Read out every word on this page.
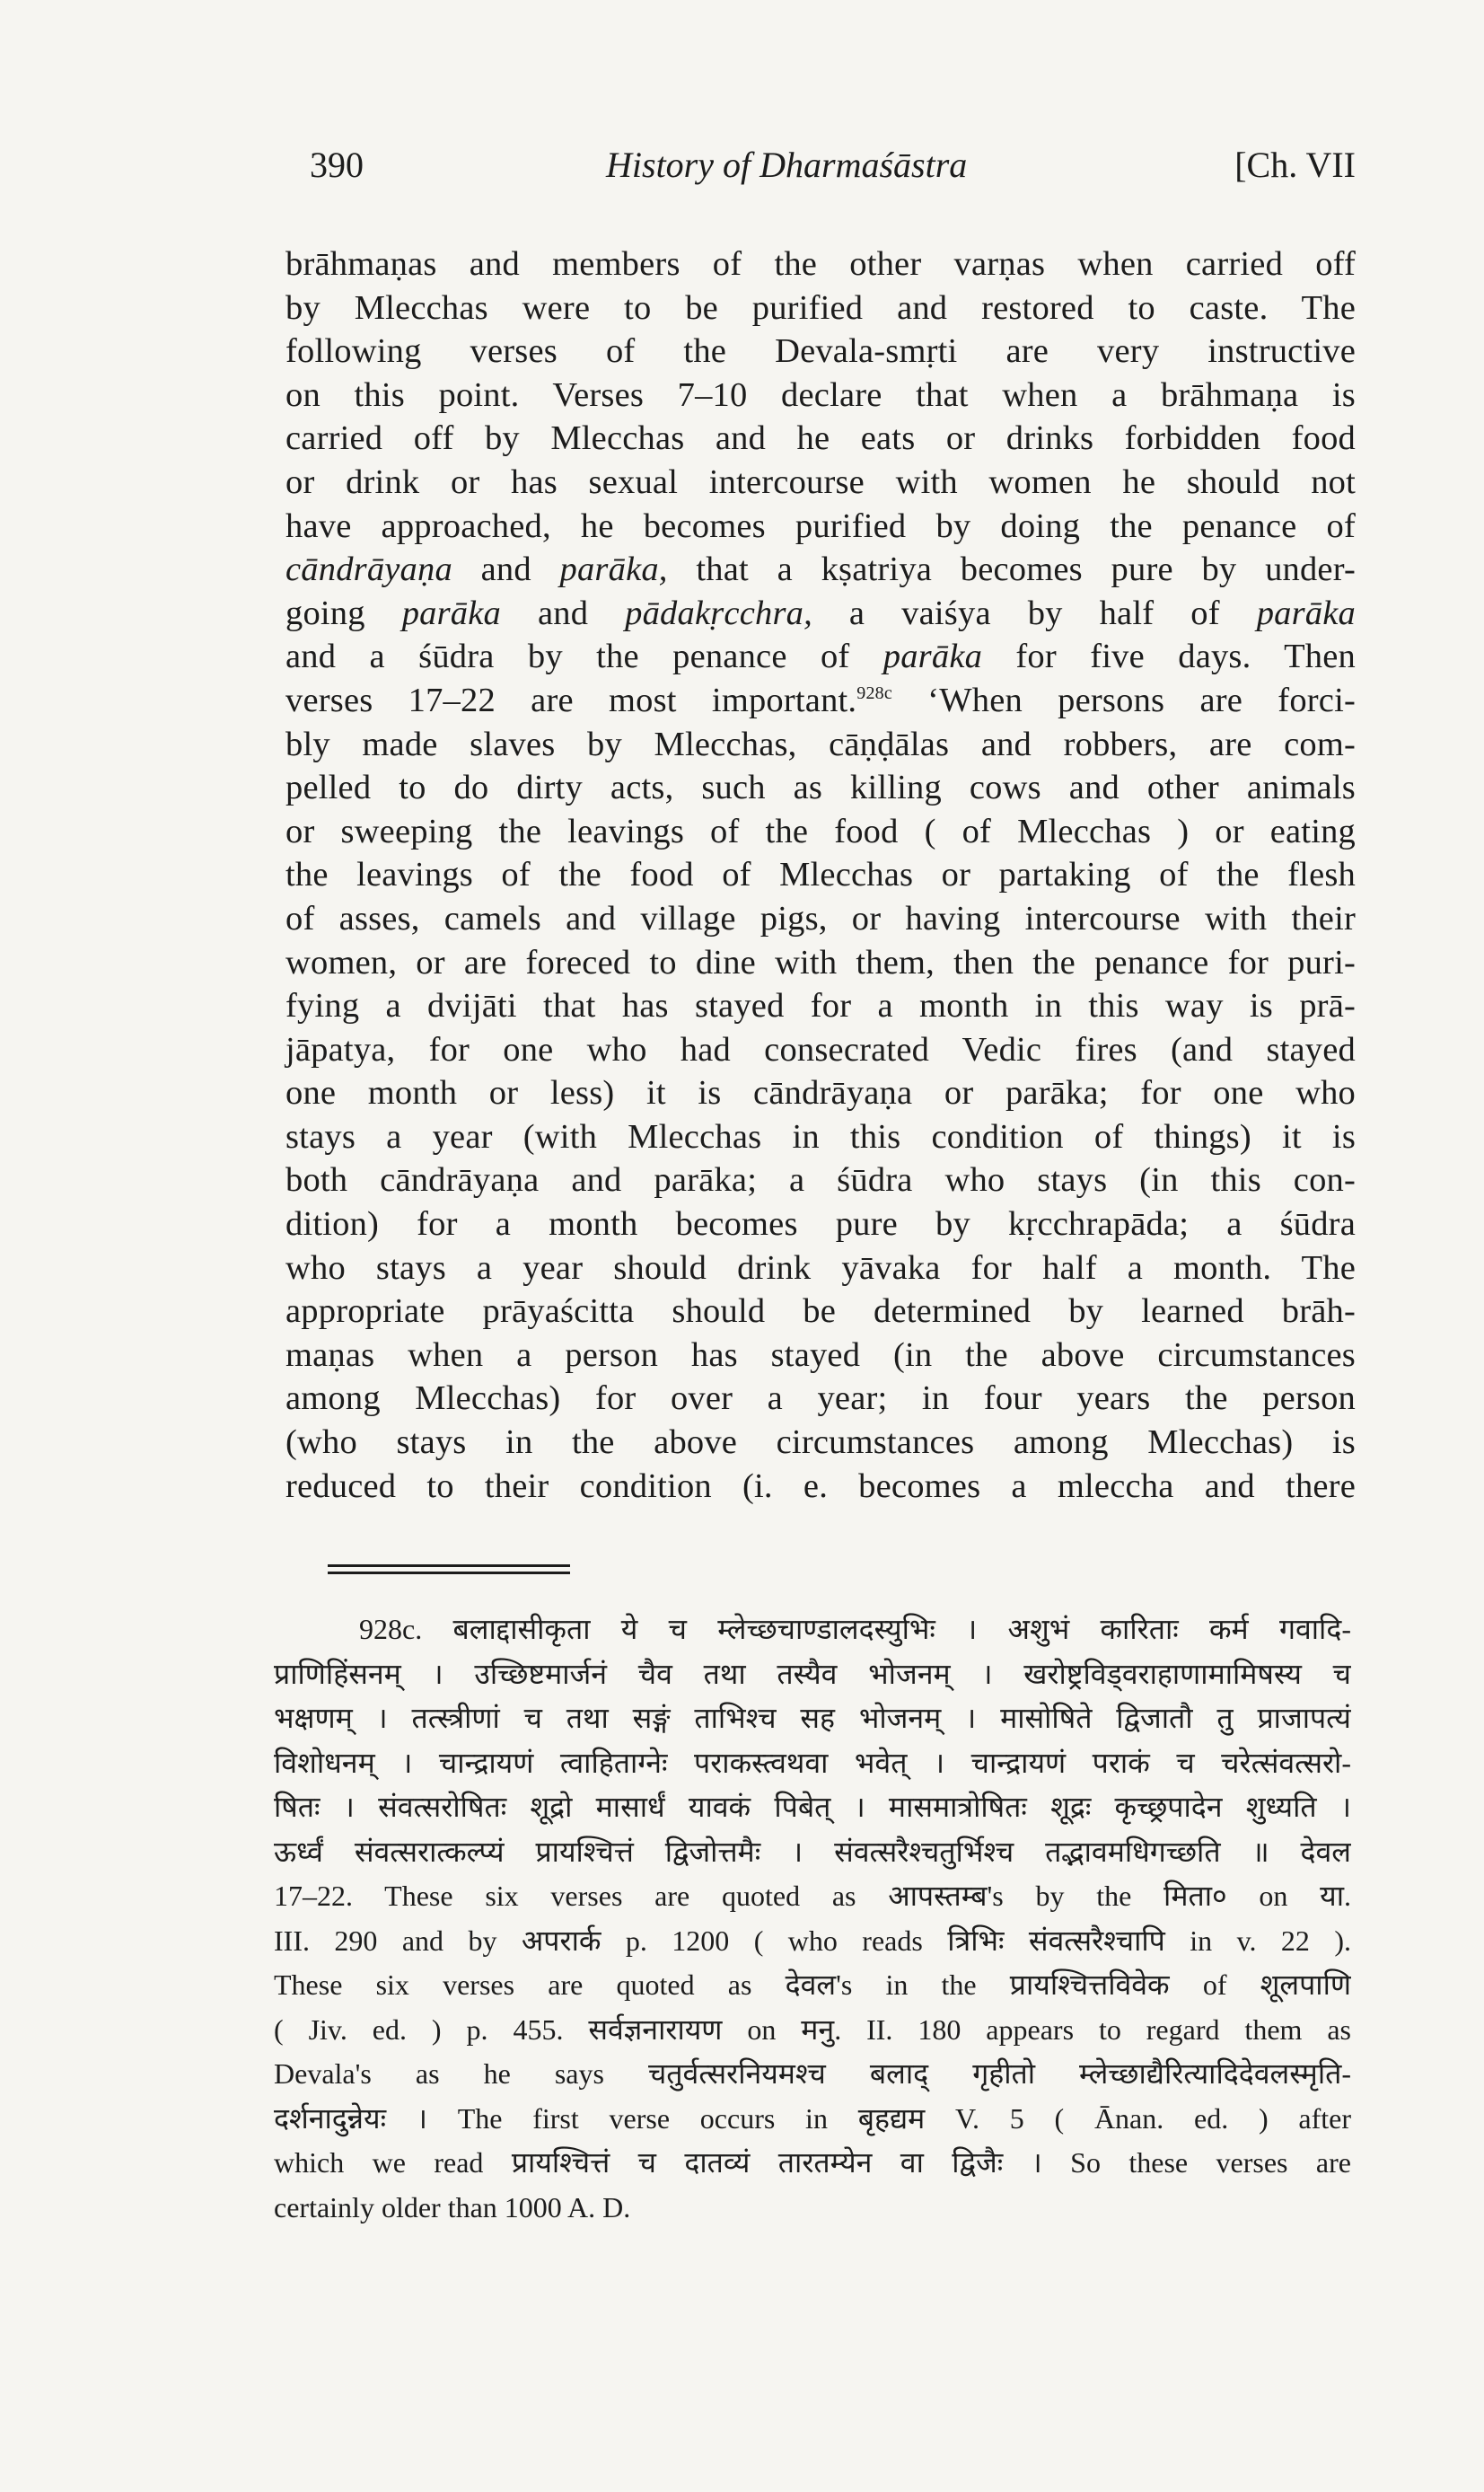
390	History of Dharmaśāstra	[Ch. VII
brāhmaṇas and members of the other varṇas when carried off
by Mlecchas were to be purified and restored to caste. The
following verses of the Devala-smṛti are very instructive
on this point. Verses 7–10 declare that when a brāhmaṇa is
carried off by Mlecchas and he eats or drinks forbidden food
or drink or has sexual intercourse with women he should not
have approached, he becomes purified by doing the penance of
cāndrāyaṇa and parāka, that a kṣatriya becomes pure by under-
going parāka and pādakṛcchra, a vaiśya by half of parāka
and a śūdra by the penance of parāka for five days. Then
verses 17–22 are most important.$^{928c}$ ‘When persons are forci-
bly made slaves by Mlecchas, cāṇḍālas and robbers, are com-
pelled to do dirty acts, such as killing cows and other animals
or sweeping the leavings of the food ( of Mlecchas ) or eating
the leavings of the food of Mlecchas or partaking of the flesh
of asses, camels and village pigs, or having intercourse with their
women, or are foreced to dine with them, then the penance for puri-
fying a dvijāti that has stayed for a month in this way is prā-
jāpatya, for one who had consecrated Vedic fires (and stayed
one month or less) it is cāndrāyaṇa or parāka; for one who
stays a year (with Mlecchas in this condition of things) it is
both cāndrāyaṇa and parāka; a śūdra who stays (in this con-
dition) for a month becomes pure by kṛcchrapāda; a śūdra
who stays a year should drink yāvaka for half a month. The
appropriate prāyaścitta should be determined by learned brāh-
maṇas when a person has stayed (in the above circumstances
among Mlecchas) for over a year; in four years the person
(who stays in the above circumstances among Mlecchas) is
reduced to their condition (i. e. becomes a mleccha and there
928c. बलाद्दासीकृता ये च म्लेच्छचाण्डालदस्युभिः । अशुभं कारिताः कर्म गवादि-
प्राणिहिंसनम् । उच्छिष्टमार्जनं चैव तथा तस्यैव भोजनम् । खरोष्ट्रविड्वराहाणामामिषस्य च
भक्षणम् । तत्स्त्रीणां च तथा सङ्गं ताभिश्च सह भोजनम् । मासोषिते द्विजातौ तु प्राजापत्यं
विशोधनम् । चान्द्रायणं त्वाहिताग्नेः पराकस्त्वथवा भवेत् । चान्द्रायणं पराकं च चरेत्संवत्सरो-
षितः । संवत्सरोषितः शूद्रो मासार्धं यावकं पिबेत् । मासमात्रोषितः शूद्रः कृच्छ्रपादेन शुध्यति ।
ऊर्ध्वं संवत्सरात्कल्प्यं प्रायश्चित्तं द्विजोत्तमैः । संवत्सरैश्चतुर्भिश्च तद्भावमधिगच्छति ॥ देवल
17–22. These six verses are quoted as आपस्तम्ब's by the मिता० on या.
III. 290 and by अपरार्क p. 1200 ( who reads त्रिभिः संवत्सरैश्चापि in v. 22 ).
These six verses are quoted as देवल's in the प्रायश्चित्तविवेक of शूलपाणि
( Jiv. ed. ) p. 455. सर्वज्ञनारायण on मनु. II. 180 appears to regard them as
Devala's as he says चतुर्वत्सरनियमश्च बलाद् गृहीतो म्लेच्छाद्यैरित्यादिदेवलस्मृति-
दर्शनादुन्नेयः । The first verse occurs in बृहद्यम V. 5 ( Ānan. ed. ) after
which we read प्रायश्चित्तं च दातव्यं तारतम्येन वा द्विजैः । So these verses are
certainly older than 1000 A. D.
